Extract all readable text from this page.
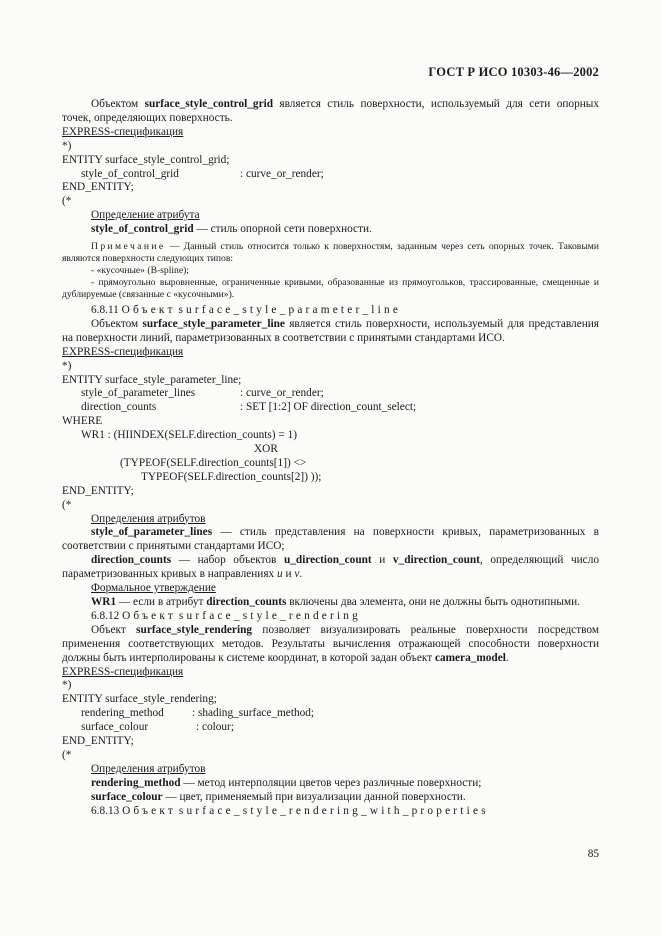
ГОСТ Р ИСО 10303-46—2002

Объектом surface_style_control_grid является стиль поверхности, используемый для сети опорных точек, определяющих поверхность.

EXPRESS-спецификация

*)

ENTITY surface_style_control_grid;

style_of_control_grid	: curve_or_render;

END_ENTITY;

(*

Определение атрибута

style_of_control_grid — стиль опорной сети поверхности.

Примечание — Данный стиль относится только к поверхностям, заданным через сеть опорных точек. Таковыми являются поверхности следующих типов:

- «кусочные» (B-spline);

- прямоугольно выровненные, ограниченные кривыми, образованные из прямоугольков, трассированные, смещенные и дублируемые (связанные с «кусочными»).

6.8.11 Объект surface_style_parameter_line

Объектом surface_style_parameter_line является стиль поверхности, используемый для представления на поверхности линий, параметризованных в соответствии с принятыми стандартами ИСО.

EXPRESS-спецификация

*)

ENTITY surface_style_parameter_line;

style_of_parameter_lines	: curve_or_render;
direction_counts	: SET [1:2] OF direction_count_select;

WHERE

WR1 : (HIINDEX(SELF.direction_counts) = 1)

XOR
(TYPEOF(SELF.direction_counts[1]) <>
TYPEOF(SELF.direction_counts[2]) ));

END_ENTITY;

(*

Определения атрибутов

style_of_parameter_lines — стиль представления на поверхности кривых, параметризованных в соответствии с принятыми стандартами ИСО;

direction_counts — набор объектов u_direction_count и v_direction_count, определяющий число параметризованных кривых в направлениях u и v.

Формальное утверждение

WR1 — если в атрибут direction_counts включены два элемента, они не должны быть однотипными.

6.8.12 Объект surface_style_rendering

Объект surface_style_rendering позволяет визуализировать реальные поверхности посредством применения соответствующих методов. Результаты вычисления отражающей способности поверхности должны быть интерполированы к системе координат, в которой задан объект camera_model.

EXPRESS-спецификация

*)

ENTITY surface_style_rendering;

rendering_method : shading_surface_method;
surface_colour	: colour;

END_ENTITY;

(*

Определения атрибутов

rendering_method — метод интерполяции цветов через различные поверхности;

surface_colour — цвет, применяемый при визуализации данной поверхности.

6.8.13 Объект surface_style_rendering_with_properties

85
